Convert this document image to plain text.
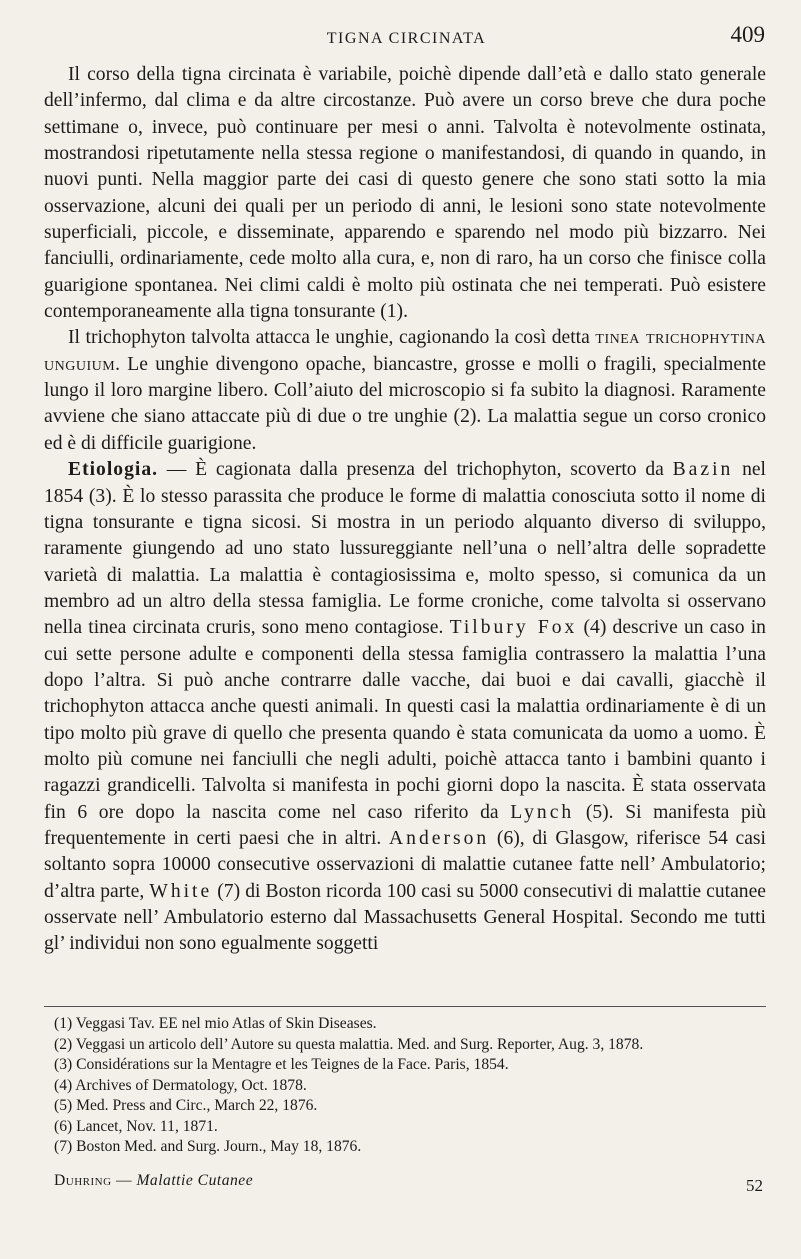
TIGNA CIRCINATA	409

Il corso della tigna circinata è variabile, poichè dipende dall’età e dallo stato generale dell’infermo, dal clima e da altre circostanze. Può avere un corso breve che dura poche settimane o, invece, può continuare per mesi o anni. Talvolta è notevolmente ostinata, mostrandosi ripetutamente nella stessa regione o manifestandosi, di quando in quando, in nuovi punti. Nella maggior parte dei casi di questo genere che sono stati sotto la mia osservazione, alcuni dei quali per un periodo di anni, le lesioni sono state notevolmente superficiali, piccole, e disseminate, apparendo e sparendo nel modo più bizzarro. Nei fanciulli, ordinariamente, cede molto alla cura, e, non di raro, ha un corso che finisce colla guarigione spontanea. Nei climi caldi è molto più ostinata che nei temperati. Può esistere contemporaneamente alla tigna tonsurante (1).

Il trichophyton talvolta attacca le unghie, cagionando la così detta tinea trichophytina unguium. Le unghie divengono opache, biancastre, grosse e molli o fragili, specialmente lungo il loro margine libero. Coll’aiuto del microscopio si fa subito la diagnosi. Raramente avviene che siano attaccate più di due o tre unghie (2). La malattia segue un corso cronico ed è di difficile guarigione.

Etiologia. — È cagionata dalla presenza del trichophyton, scoverto da Bazin nel 1854 (3). È lo stesso parassita che produce le forme di malattia conosciuta sotto il nome di tigna tonsurante e tigna sicosi. Si mostra in un periodo alquanto diverso di sviluppo, raramente giungendo ad uno stato lussureggiante nell’una o nell’altra delle sopradette varietà di malattia. La malattia è contagiosissima e, molto spesso, si comunica da un membro ad un altro della stessa famiglia. Le forme croniche, come talvolta si osservano nella tinea circinata cruris, sono meno contagiose. Tilbury Fox (4) descrive un caso in cui sette persone adulte e componenti della stessa famiglia contrassero la malattia l’una dopo l’altra. Si può anche contrarre dalle vacche, dai buoi e dai cavalli, giacchè il trichophyton attacca anche questi animali. In questi casi la malattia ordinariamente è di un tipo molto più grave di quello che presenta quando è stata comunicata da uomo a uomo. È molto più comune nei fanciulli che negli adulti, poichè attacca tanto i bambini quanto i ragazzi grandicelli. Talvolta si manifesta in pochi giorni dopo la nascita. È stata osservata fin 6 ore dopo la nascita come nel caso riferito da Lynch (5). Si manifesta più frequentemente in certi paesi che in altri. Anderson (6), di Glasgow, riferisce 54 casi soltanto sopra 10000 consecutive osservazioni di malattie cutanee fatte nell’ Ambulatorio; d’altra parte, White (7) di Boston ricorda 100 casi su 5000 consecutivi di malattie cutanee osservate nell’ Ambulatorio esterno dal Massachusetts General Hospital. Secondo me tutti gl’ individui non sono egualmente soggetti

(1) Veggasi Tav. EE nel mio Atlas of Skin Diseases.

(2) Veggasi un articolo dell’ Autore su questa malattia. Med. and Surg. Reporter, Aug. 3, 1878.

(3) Considérations sur la Mentagre et les Teignes de la Face. Paris, 1854.

(4) Archives of Dermatology, Oct. 1878.

(5) Med. Press and Circ., March 22, 1876.

(6) Lancet, Nov. 11, 1871.

(7) Boston Med. and Surg. Journ., May 18, 1876.

Duhring — Malattie Cutanee	52
